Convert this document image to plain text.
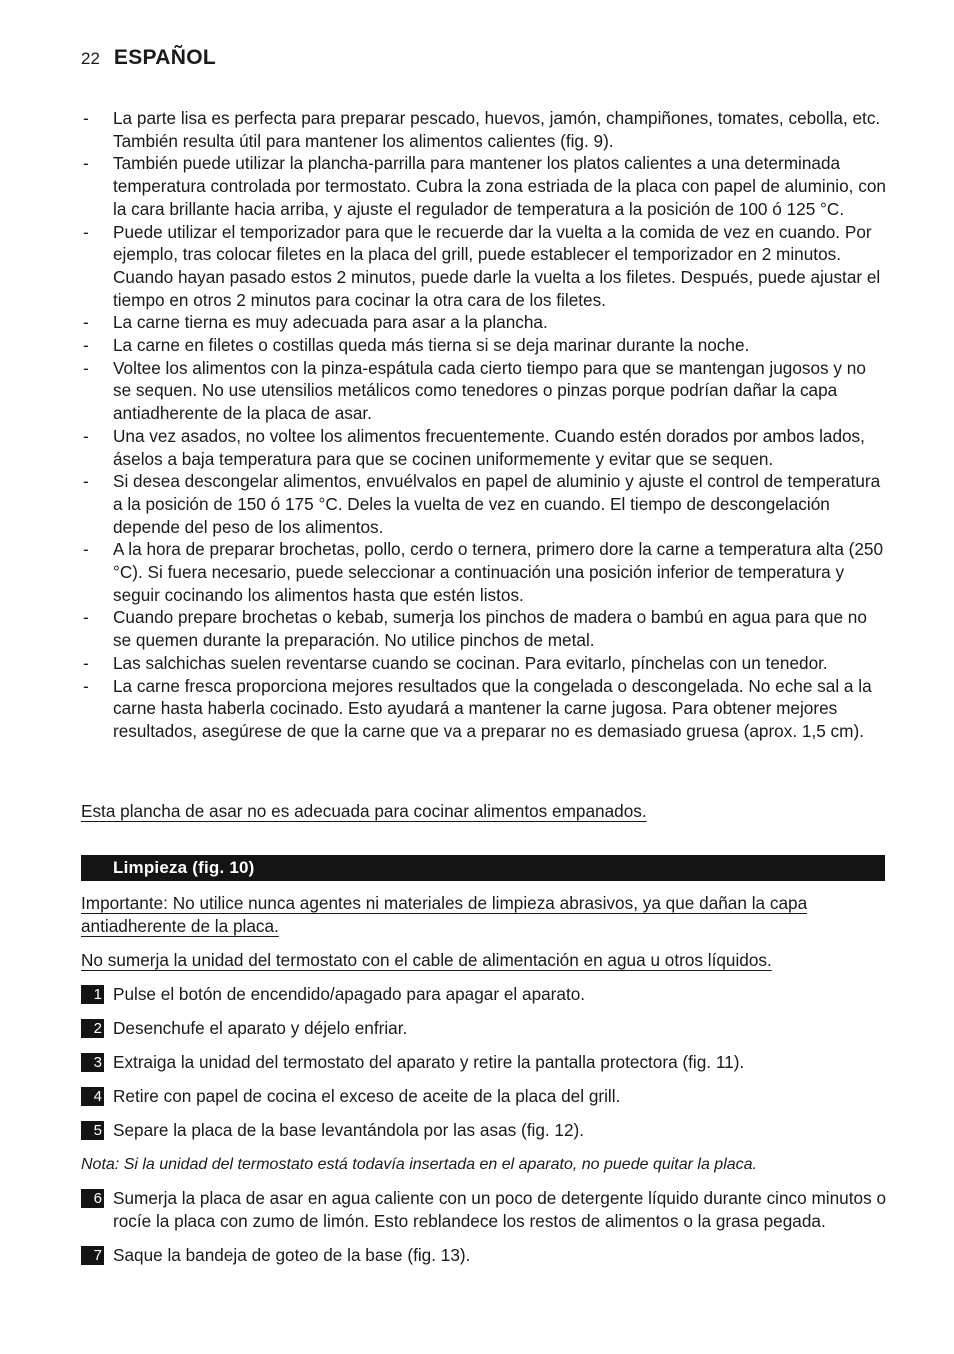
22 ESPAÑOL
- La parte lisa es perfecta para preparar pescado, huevos, jamón, champiñones, tomates, cebolla, etc. También resulta útil para mantener los alimentos calientes (fig. 9).
- También puede utilizar la plancha-parrilla para mantener los platos calientes a una determinada temperatura controlada por termostato. Cubra la zona estriada de la placa con papel de aluminio, con la cara brillante hacia arriba, y ajuste el regulador de temperatura a la posición de 100 ó 125 °C.
- Puede utilizar el temporizador para que le recuerde dar la vuelta a la comida de vez en cuando. Por ejemplo, tras colocar filetes en la placa del grill, puede establecer el temporizador en 2 minutos. Cuando hayan pasado estos 2 minutos, puede darle la vuelta a los filetes. Después, puede ajustar el tiempo en otros 2 minutos para cocinar la otra cara de los filetes.
- La carne tierna es muy adecuada para asar a la plancha.
- La carne en filetes o costillas queda más tierna si se deja marinar durante la noche.
- Voltee los alimentos con la pinza-espátula cada cierto tiempo para que se mantengan jugosos y no se sequen. No use utensilios metálicos como tenedores o pinzas porque podrían dañar la capa antiadherente de la placa de asar.
- Una vez asados, no voltee los alimentos frecuentemente. Cuando estén dorados por ambos lados, áselos a baja temperatura para que se cocinen uniformemente y evitar que se sequen.
- Si desea descongelar alimentos, envuélvalos en papel de aluminio y ajuste el control de temperatura a la posición de 150 ó 175 °C. Deles la vuelta de vez en cuando. El tiempo de descongelación depende del peso de los alimentos.
- A la hora de preparar brochetas, pollo, cerdo o ternera, primero dore la carne a temperatura alta (250 °C). Si fuera necesario, puede seleccionar a continuación una posición inferior de temperatura y seguir cocinando los alimentos hasta que estén listos.
- Cuando prepare brochetas o kebab, sumerja los pinchos de madera o bambú en agua para que no se quemen durante la preparación. No utilice pinchos de metal.
- Las salchichas suelen reventarse cuando se cocinan. Para evitarlo, pínchelas con un tenedor.
- La carne fresca proporciona mejores resultados que la congelada o descongelada. No eche sal a la carne hasta haberla cocinado. Esto ayudará a mantener la carne jugosa. Para obtener mejores resultados, asegúrese de que la carne que va a preparar no es demasiado gruesa (aprox. 1,5 cm).
Esta plancha de asar no es adecuada para cocinar alimentos empanados.
Limpieza (fig. 10)
Importante: No utilice nunca agentes ni materiales de limpieza abrasivos, ya que dañan la capa antiadherente de la placa.
No sumerja la unidad del termostato con el cable de alimentación en agua u otros líquidos.
1 Pulse el botón de encendido/apagado para apagar el aparato.
2 Desenchufe el aparato y déjelo enfriar.
3 Extraiga la unidad del termostato del aparato y retire la pantalla protectora (fig. 11).
4 Retire con papel de cocina el exceso de aceite de la placa del grill.
5 Separe la placa de la base levantándola por las asas (fig. 12).
Nota: Si la unidad del termostato está todavía insertada en el aparato, no puede quitar la placa.
6 Sumerja la placa de asar en agua caliente con un poco de detergente líquido durante cinco minutos o rocíe la placa con zumo de limón. Esto reblandece los restos de alimentos o la grasa pegada.
7 Saque la bandeja de goteo de la base (fig. 13).
